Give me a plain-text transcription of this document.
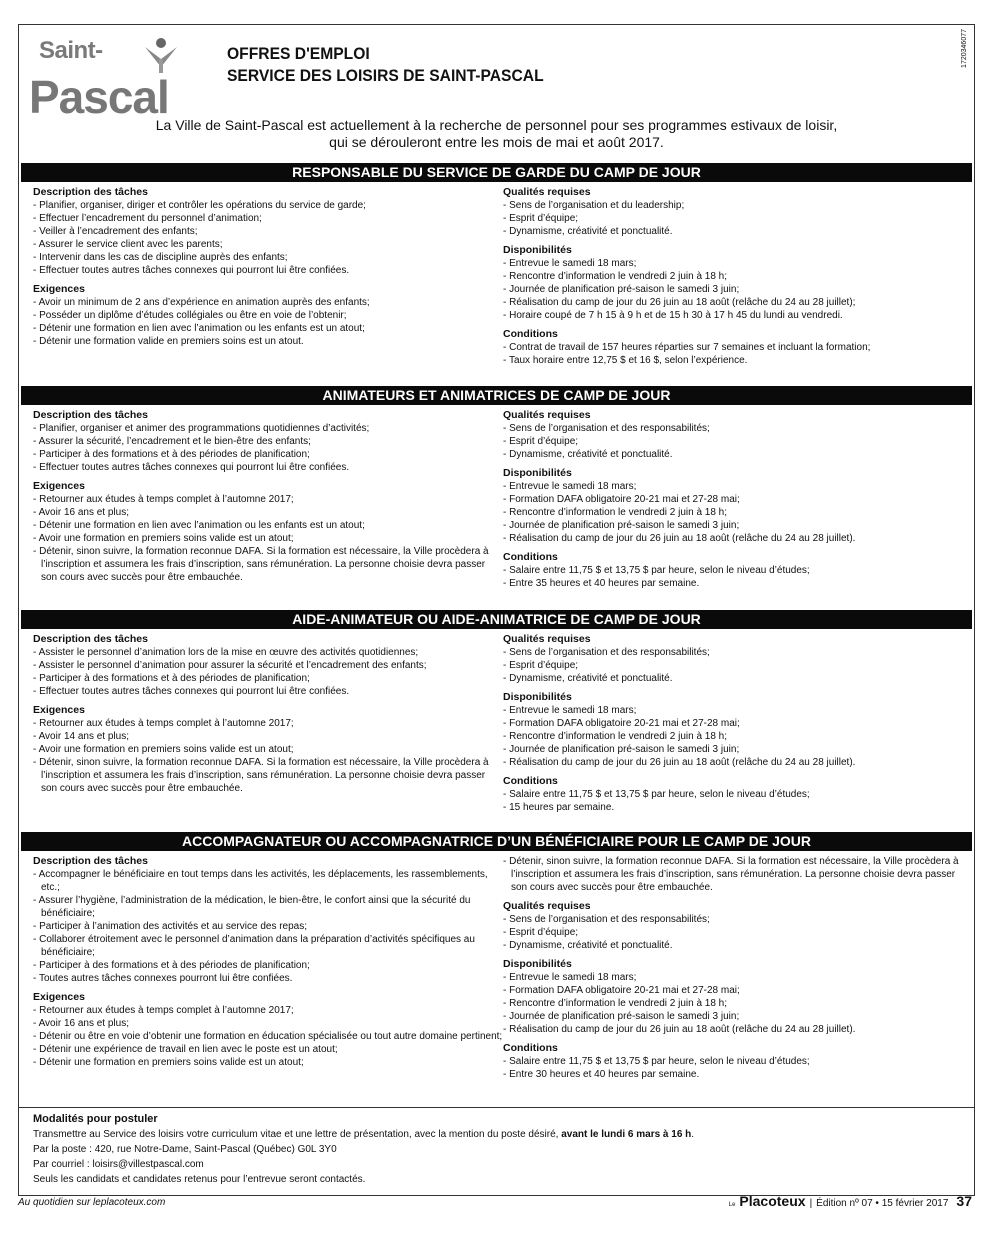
Saint-
Pascal
OFFRES D'EMPLOI
SERVICE DES LOISIRS DE SAINT-PASCAL
1720346077
La Ville de Saint-Pascal est actuellement à la recherche de personnel pour ses programmes estivaux de loisir,
qui se dérouleront entre les mois de mai et août 2017.
RESPONSABLE DU SERVICE DE GARDE DU CAMP DE JOUR
Description des tâches
- Planifier, organiser, diriger et contrôler les opérations du service de garde;
- Effectuer l’encadrement du personnel d’animation;
- Veiller à l’encadrement des enfants;
- Assurer le service client avec les parents;
- Intervenir dans les cas de discipline auprès des enfants;
- Effectuer toutes autres tâches connexes qui pourront lui être confiées.
Exigences
- Avoir un minimum de 2 ans d’expérience en animation auprès des enfants;
- Posséder un diplôme d’études collégiales ou être en voie de l’obtenir;
- Détenir une formation en lien avec l’animation ou les enfants est un atout;
- Détenir une formation valide en premiers soins est un atout.
Qualités requises
- Sens de l’organisation et du leadership;
- Esprit d’équipe;
- Dynamisme, créativité et ponctualité.
Disponibilités
- Entrevue le samedi 18 mars;
- Rencontre d’information le vendredi 2 juin à 18 h;
- Journée de planification pré-saison le samedi 3 juin;
- Réalisation du camp de jour du 26 juin au 18 août (relâche du 24 au 28 juillet);
- Horaire coupé de 7 h 15 à 9 h et de 15 h 30 à 17 h 45 du lundi au vendredi.
Conditions
- Contrat de travail de 157 heures réparties sur 7 semaines et incluant la formation;
- Taux horaire entre 12,75 $ et 16 $, selon l’expérience.
ANIMATEURS ET ANIMATRICES DE CAMP DE JOUR
Description des tâches
- Planifier, organiser et animer des programmations quotidiennes d’activités;
- Assurer la sécurité, l’encadrement et le bien-être des enfants;
- Participer à des formations et à des périodes de planification;
- Effectuer toutes autres tâches connexes qui pourront lui être confiées.
Exigences
- Retourner aux études à temps complet à l’automne 2017;
- Avoir 16 ans et plus;
- Détenir une formation en lien avec l’animation ou les enfants est un atout;
- Avoir une formation en premiers soins valide est un atout;
- Détenir, sinon suivre, la formation reconnue DAFA. Si la formation est nécessaire, la Ville procèdera à l’inscription et assumera les frais d’inscription, sans rémunération. La personne choisie devra passer son cours avec succès pour être embauchée.
Qualités requises
- Sens de l’organisation et des responsabilités;
- Esprit d’équipe;
- Dynamisme, créativité et ponctualité.
Disponibilités
- Entrevue le samedi 18 mars;
- Formation DAFA obligatoire 20-21 mai et 27-28 mai;
- Rencontre d’information le vendredi 2 juin à 18 h;
- Journée de planification pré-saison le samedi 3 juin;
- Réalisation du camp de jour du 26 juin au 18 août (relâche du 24 au 28 juillet).
Conditions
- Salaire entre 11,75 $ et 13,75 $ par heure, selon le niveau d’études;
- Entre 35 heures et 40 heures par semaine.
AIDE-ANIMATEUR OU AIDE-ANIMATRICE DE CAMP DE JOUR
Description des tâches
- Assister le personnel d’animation lors de la mise en œuvre des activités quotidiennes;
- Assister le personnel d’animation pour assurer la sécurité et l’encadrement des enfants;
- Participer à des formations et à des périodes de planification;
- Effectuer toutes autres tâches connexes qui pourront lui être confiées.
Exigences
- Retourner aux études à temps complet à l’automne 2017;
- Avoir 14 ans et plus;
- Avoir une formation en premiers soins valide est un atout;
- Détenir, sinon suivre, la formation reconnue DAFA. Si la formation est nécessaire, la Ville procèdera à l’inscription et assumera les frais d’inscription, sans rémunération. La personne choisie devra passer son cours avec succès pour être embauchée.
Qualités requises
- Sens de l’organisation et des responsabilités;
- Esprit d’équipe;
- Dynamisme, créativité et ponctualité.
Disponibilités
- Entrevue le samedi 18 mars;
- Formation DAFA obligatoire 20-21 mai et 27-28 mai;
- Rencontre d’information le vendredi 2 juin à 18 h;
- Journée de planification pré-saison le samedi 3 juin;
- Réalisation du camp de jour du 26 juin au 18 août (relâche du 24 au 28 juillet).
Conditions
- Salaire entre 11,75 $ et 13,75 $ par heure, selon le niveau d’études;
- 15 heures par semaine.
ACCOMPAGNATEUR OU ACCOMPAGNATRICE D’UN BÉNÉFICIAIRE POUR LE CAMP DE JOUR
Description des tâches
- Accompagner le bénéficiaire en tout temps dans les activités, les déplacements, les rassemblements, etc.;
- Assurer l’hygiène, l’administration de la médication, le bien-être, le confort ainsi que la sécurité du bénéficiaire;
- Participer à l’animation des activités et au service des repas;
- Collaborer étroitement avec le personnel d’animation dans la préparation d’activités spécifiques au bénéficiaire;
- Participer à des formations et à des périodes de planification;
- Toutes autres tâches connexes pourront lui être confiées.
Exigences
- Retourner aux études à temps complet à l’automne 2017;
- Avoir 16 ans et plus;
- Détenir ou être en voie d’obtenir une formation en éducation spécialisée ou tout autre domaine pertinent;
- Détenir une expérience de travail en lien avec le poste est un atout;
- Détenir une formation en premiers soins valide est un atout;
- Détenir, sinon suivre, la formation reconnue DAFA. Si la formation est nécessaire, la Ville procèdera à l’inscription et assumera les frais d’inscription, sans rémunération. La personne choisie devra passer son cours avec succès pour être embauchée.
Qualités requises
- Sens de l’organisation et des responsabilités;
- Esprit d’équipe;
- Dynamisme, créativité et ponctualité.
Disponibilités
- Entrevue le samedi 18 mars;
- Formation DAFA obligatoire 20-21 mai et 27-28 mai;
- Rencontre d’information le vendredi 2 juin à 18 h;
- Journée de planification pré-saison le samedi 3 juin;
- Réalisation du camp de jour du 26 juin au 18 août (relâche du 24 au 28 juillet).
Conditions
- Salaire entre 11,75 $ et 13,75 $ par heure, selon le niveau d’études;
- Entre 30 heures et 40 heures par semaine.
Modalités pour postuler
Transmettre au Service des loisirs votre curriculum vitae et une lettre de présentation, avec la mention du poste désiré, avant le lundi 6 mars à 16 h.
Par la poste : 420, rue Notre-Dame, Saint-Pascal (Québec) G0L 3Y0
Par courriel : loisirs@villestpascal.com
Seuls les candidats et candidates retenus pour l’entrevue seront contactés.
Au quotidien sur leplacoteux.com	Le Placoteux | Édition nº 07 • 15 février 2017 37
